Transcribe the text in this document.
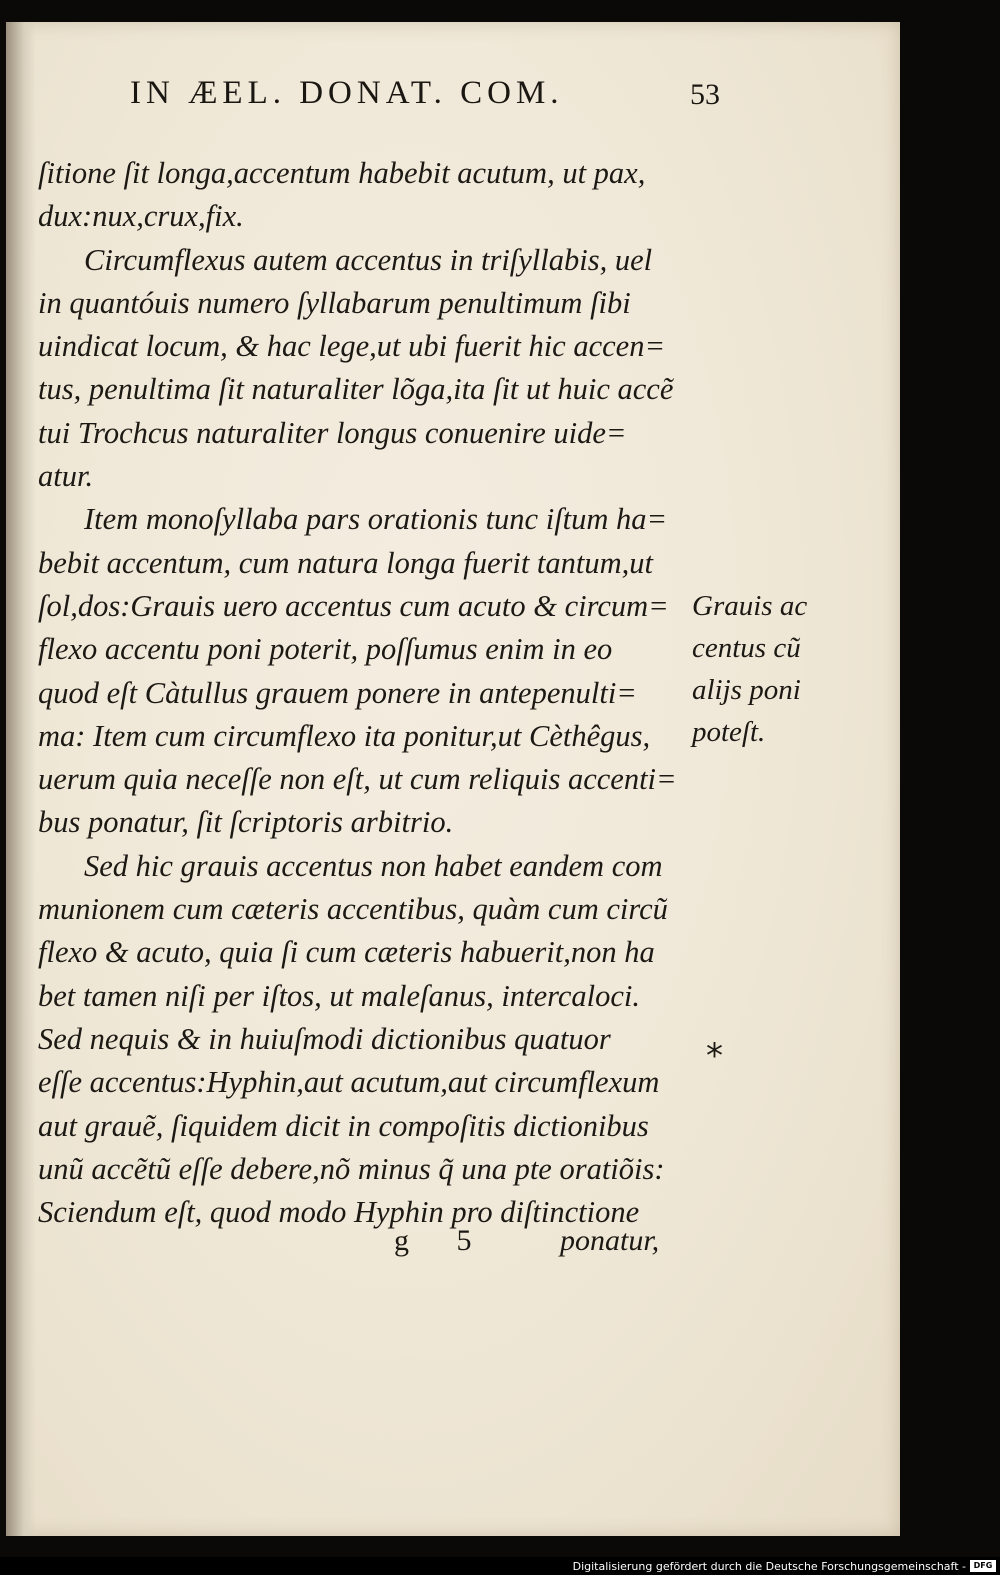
IN ÆEL. DONAT. COM.	53
ſitione ſit longa,accentum habebit acutum, ut pax,
dux:nux,crux,fix.
Circumflexus autem accentus in triſyllabis, uel
in quantóuis numero ſyllabarum penultimum ſibi
uindicat locum, & hac lege,ut ubi fuerit hic accen=
tus, penultima ſit naturaliter lõga,ita ſit ut huic accẽ
tui Trochcus naturaliter longus conuenire uide=
atur.
Item monoſyllaba pars orationis tunc iſtum ha=
bebit accentum, cum natura longa fuerit tantum,ut
ſol,dos:Grauis uero accentus cum acuto & circum=
flexo accentu poni poterit, poſſumus enim in eo
quod eſt Càtullus grauem ponere in antepenulti=
ma: Item cum circumflexo ita ponitur,ut Cèthêgus,
uerum quia neceſſe non eſt, ut cum reliquis accenti=
bus ponatur, ſit ſcriptoris arbitrio.
Sed hic grauis accentus non habet eandem com
munionem cum cæteris accentibus, quàm cum circũ
flexo & acuto, quia ſi cum cæteris habuerit,non ha
bet tamen niſi per iſtos, ut maleſanus, intercaloci.
Sed nequis & in huiuſmodi dictionibus quatuor
eſſe accentus:Hyphin,aut acutum,aut circumflexum
aut grauẽ, ſiquidem dicit in compoſitis dictionibus
unũ accẽtũ eſſe debere,nõ minus q̃ una pte oratiõis:
Sciendum eſt, quod modo Hyphin pro diſtinctione
Grauis ac
centus cũ
alijs poni
poteſt.
*
g 5 ponatur,
Digitalisierung gefördert durch die Deutsche Forschungsgemeinschaft - DFG
